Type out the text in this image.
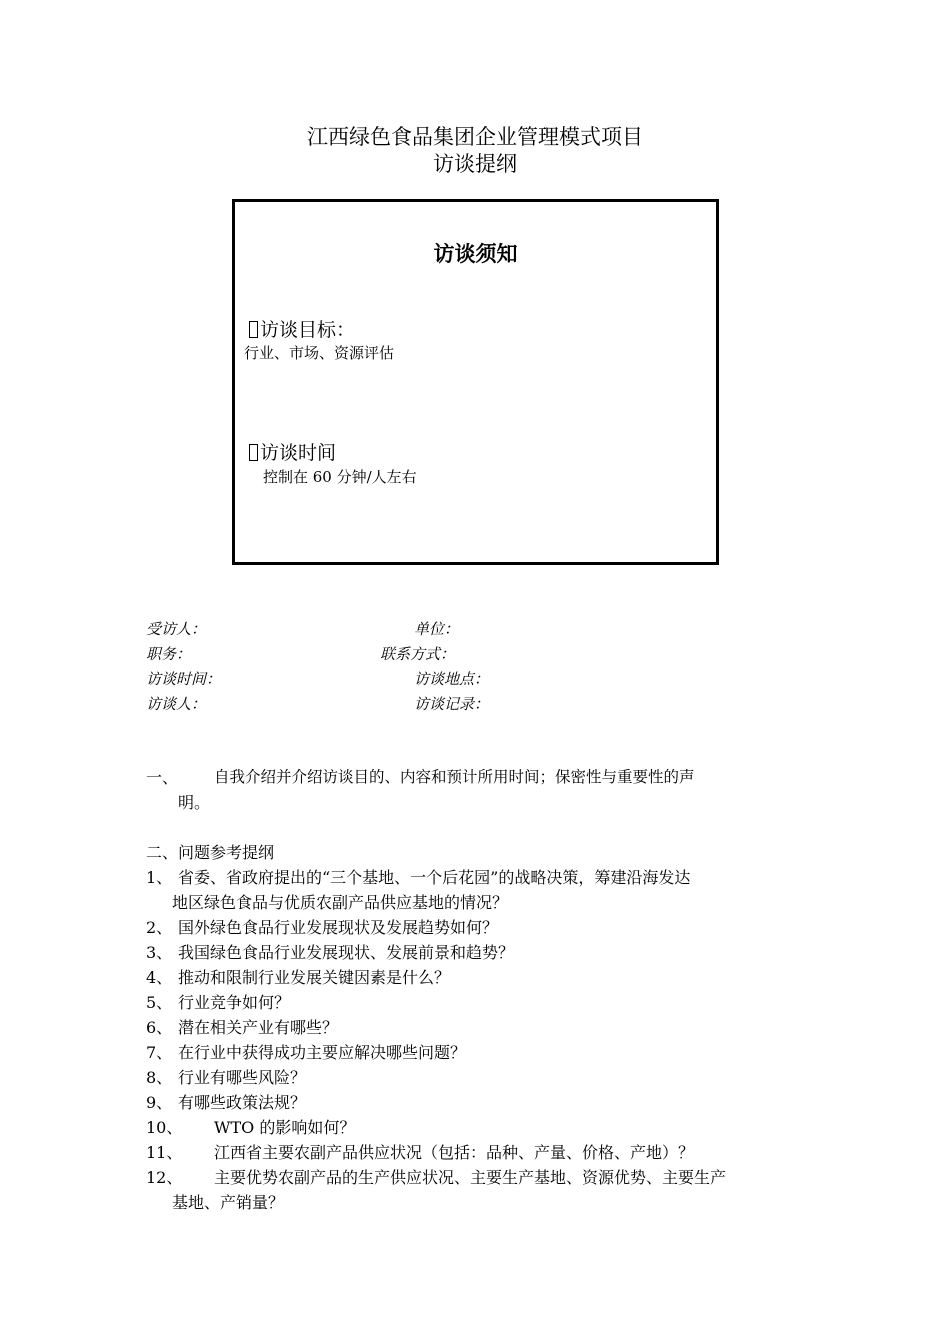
江西绿色食品集团企业管理模式项目
访谈提纲
访谈须知
访谈目标：
行业、市场、资源评估
访谈时间
控制在 60 分钟/人左右
受访人：	单位：
职务：	联系方式：
访谈时间：	访谈地点：
访谈人：	访谈记录：
一、 自我介绍并介绍访谈目的、内容和预计所用时间；保密性与重要性的声
明。
二、问题参考提纲
1、 省委、省政府提出的“三个基地、一个后花园”的战略决策，筹建沿海发达
地区绿色食品与优质农副产品供应基地的情况？
2、 国外绿色食品行业发展现状及发展趋势如何？
3、 我国绿色食品行业发展现状、发展前景和趋势？
4、 推动和限制行业发展关键因素是什么？
5、 行业竞争如何？
6、 潜在相关产业有哪些？
7、 在行业中获得成功主要应解决哪些问题？
8、 行业有哪些风险？
9、 有哪些政策法规？
10、 WTO 的影响如何？
11、 江西省主要农副产品供应状况（包括：品种、产量、价格、产地）？
12、 主要优势农副产品的生产供应状况、主要生产基地、资源优势、主要生产
基地、产销量？
